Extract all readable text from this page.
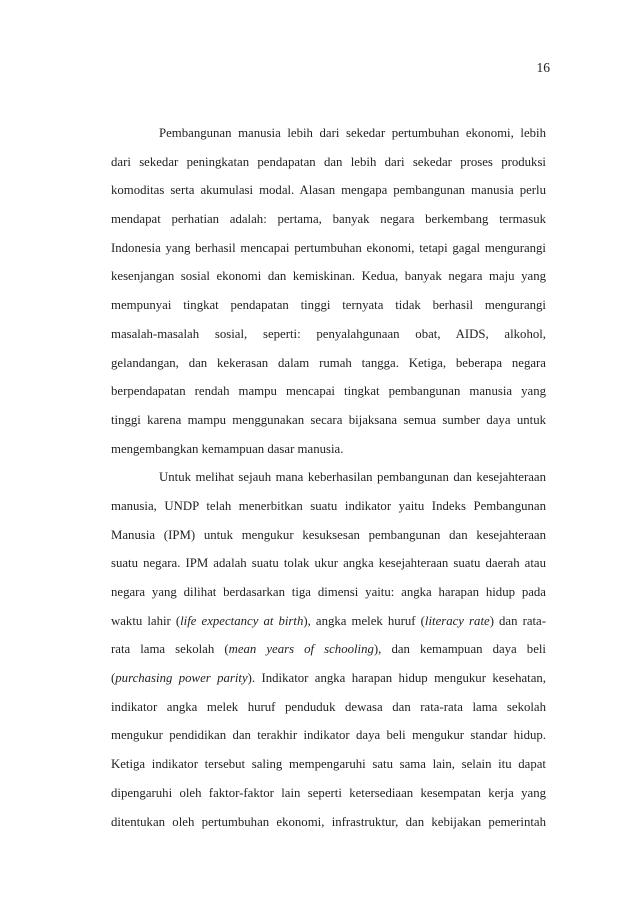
16
Pembangunan manusia lebih dari sekedar pertumbuhan ekonomi, lebih
dari sekedar peningkatan pendapatan dan lebih dari sekedar proses produksi
komoditas serta akumulasi modal. Alasan mengapa pembangunan manusia perlu
mendapat perhatian adalah: pertama, banyak negara berkembang termasuk
Indonesia yang berhasil mencapai pertumbuhan ekonomi, tetapi gagal mengurangi
kesenjangan sosial ekonomi dan kemiskinan. Kedua, banyak negara maju yang
mempunyai tingkat pendapatan tinggi ternyata tidak berhasil mengurangi
masalah-masalah sosial, seperti: penyalahgunaan obat, AIDS, alkohol,
gelandangan, dan kekerasan dalam rumah tangga. Ketiga, beberapa negara
berpendapatan rendah mampu mencapai tingkat pembangunan manusia yang
tinggi karena mampu menggunakan secara bijaksana semua sumber daya untuk
mengembangkan kemampuan dasar manusia.
Untuk melihat sejauh mana keberhasilan pembangunan dan kesejahteraan
manusia, UNDP telah menerbitkan suatu indikator yaitu Indeks Pembangunan
Manusia (IPM) untuk mengukur kesuksesan pembangunan dan kesejahteraan
suatu negara. IPM adalah suatu tolak ukur angka kesejahteraan suatu daerah atau
negara yang dilihat berdasarkan tiga dimensi yaitu: angka harapan hidup pada
waktu lahir (life expectancy at birth), angka melek huruf (literacy rate) dan rata-
rata lama sekolah (mean years of schooling), dan kemampuan daya beli
(purchasing power parity). Indikator angka harapan hidup mengukur kesehatan,
indikator angka melek huruf penduduk dewasa dan rata-rata lama sekolah
mengukur pendidikan dan terakhir indikator daya beli mengukur standar hidup.
Ketiga indikator tersebut saling mempengaruhi satu sama lain, selain itu dapat
dipengaruhi oleh faktor-faktor lain seperti ketersediaan kesempatan kerja yang
ditentukan oleh pertumbuhan ekonomi, infrastruktur, dan kebijakan pemerintah
